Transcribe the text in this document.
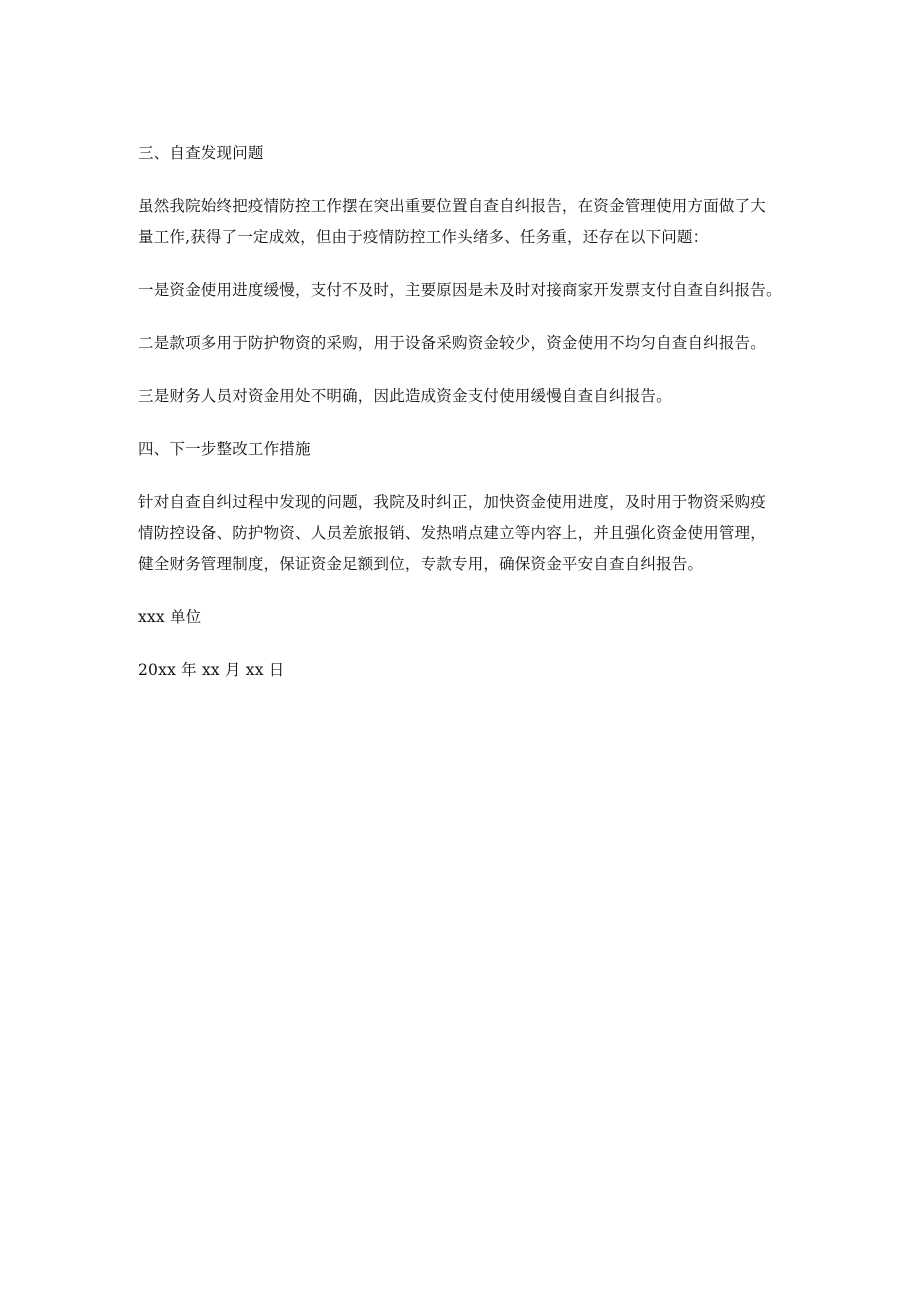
三、自查发现问题

虽然我院始终把疫情防控工作摆在突出重要位置自查自纠报告，在资金管理使用方面做了大

量工作,获得了一定成效，但由于疫情防控工作头绪多、任务重，还存在以下问题：

一是资金使用进度缓慢，支付不及时，主要原因是未及时对接商家开发票支付自查自纠报告。

二是款项多用于防护物资的采购，用于设备采购资金较少，资金使用不均匀自查自纠报告。

三是财务人员对资金用处不明确，因此造成资金支付使用缓慢自查自纠报告。

四、下一步整改工作措施

针对自查自纠过程中发现的问题，我院及时纠正，加快资金使用进度，及时用于物资采购疫

情防控设备、防护物资、人员差旅报销、发热哨点建立等内容上，并且强化资金使用管理，

健全财务管理制度，保证资金足额到位，专款专用，确保资金平安自查自纠报告。

xxx 单位

20xx 年 xx 月 xx 日
